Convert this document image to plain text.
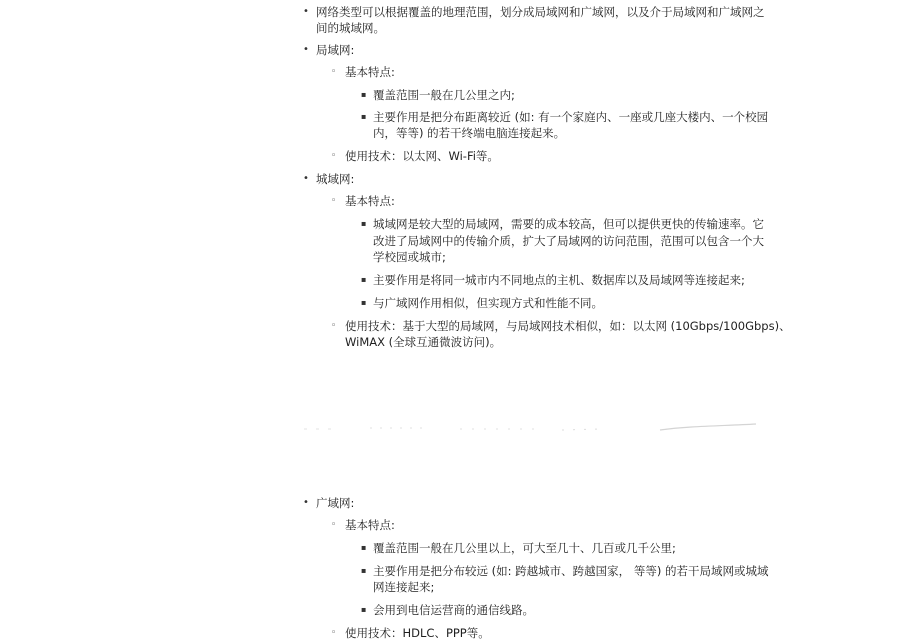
• 网络类型可以根据覆盖的地理范围，划分成局域网和广域网，以及介于局域网和广域网之
间的城域网。
• 局域网:
◦ 基本特点:
▪ 覆盖范围一般在几公里之内;
▪ 主要作用是把分布距离较近 (如: 有一个家庭内、一座或几座大楼内、一个校园
内，等等) 的若干终端电脑连接起来。
◦ 使用技术：以太网、Wi-Fi等。
• 城域网:
◦ 基本特点:
▪ 城域网是较大型的局域网，需要的成本较高，但可以提供更快的传输速率。它
改进了局域网中的传输介质，扩大了局域网的访问范围，范围可以包含一个大
学校园或城市;
▪ 主要作用是将同一城市内不同地点的主机、数据库以及局域网等连接起来;
▪ 与广域网作用相似，但实现方式和性能不同。
◦ 使用技术：基于大型的局域网，与局域网技术相似，如：以太网 (10Gbps/100Gbps)、
WiMAX (全球互通微波访问)。
• 广域网:
◦ 基本特点:
▪ 覆盖范围一般在几公里以上，可大至几十、几百或几千公里;
▪ 主要作用是把分布较远 (如: 跨越城市、跨越国家， 等等) 的若干局域网或城域
网连接起来;
▪ 会用到电信运营商的通信线路。
◦ 使用技术：HDLC、PPP等。
